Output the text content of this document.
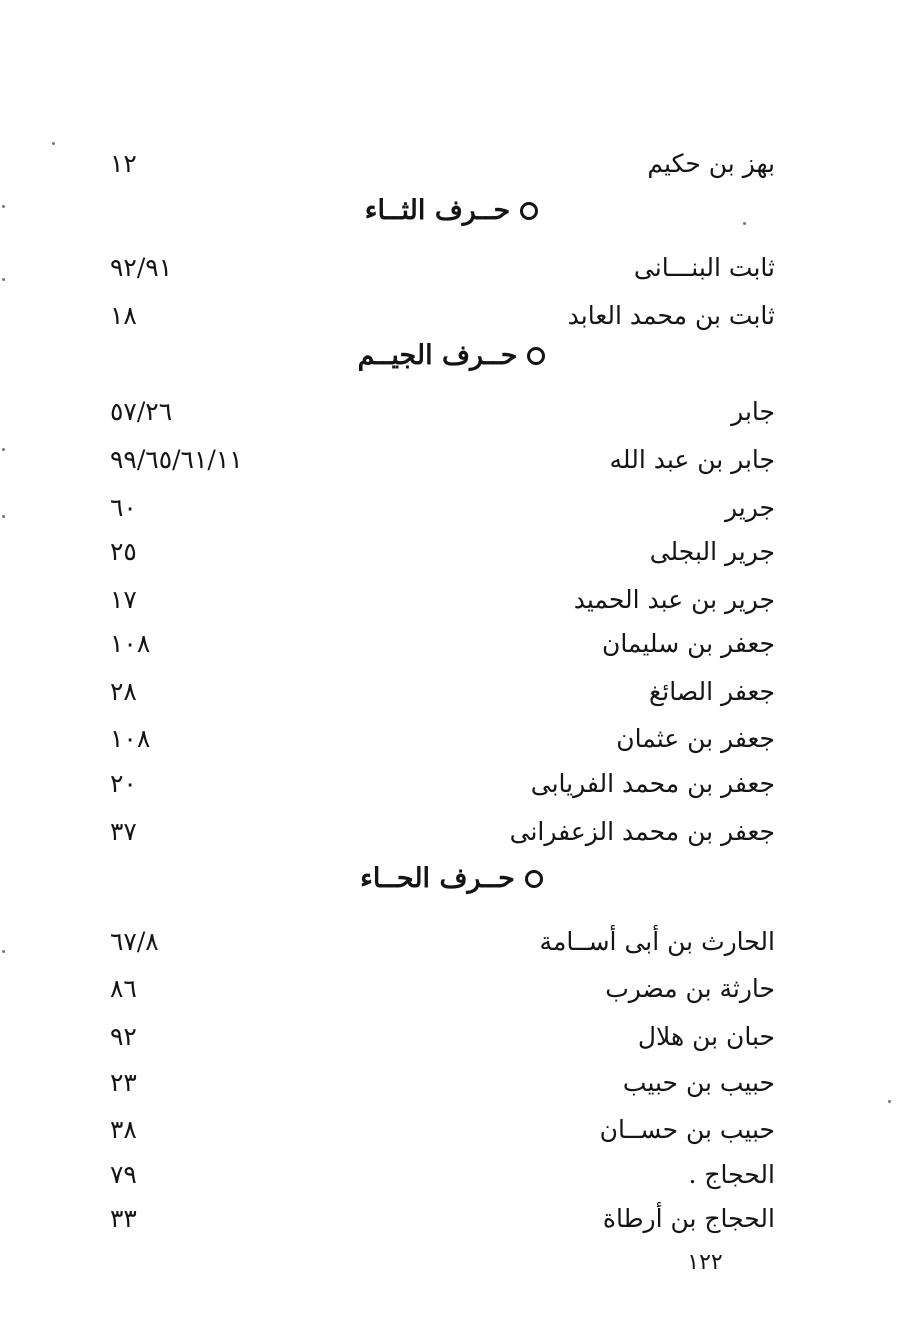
بهز بن حكيم
١٢
حــرف الثــاء
ثابت البنـــانى
٩٢/٩١
ثابت بن محمد العابد
١٨
حــرف الجيــم
جابر
٥٧/٢٦
جابر بن عبد الله
٩٩/٦٥/٦١/١١
جرير
٦٠
جرير البجلى
٢٥
جرير بن عبد الحميد
١٧
جعفر بن سليمان
١٠٨
جعفر الصائغ
٢٨
جعفر بن عثمان
١٠٨
جعفر بن محمد الفريابى
٢٠
جعفر بن محمد الزعفرانى
٣٧
حــرف الحــاء
الحارث بن أبى أســامة
٦٧/٨
حارثة بن مضرب
٨٦
حبان بن هلال
٩٢
حبيب بن حبيب
٢٣
حبيب بن حســان
٣٨
الحجاج .
٧٩
الحجاج بن أرطاة
٣٣
١٢٢
